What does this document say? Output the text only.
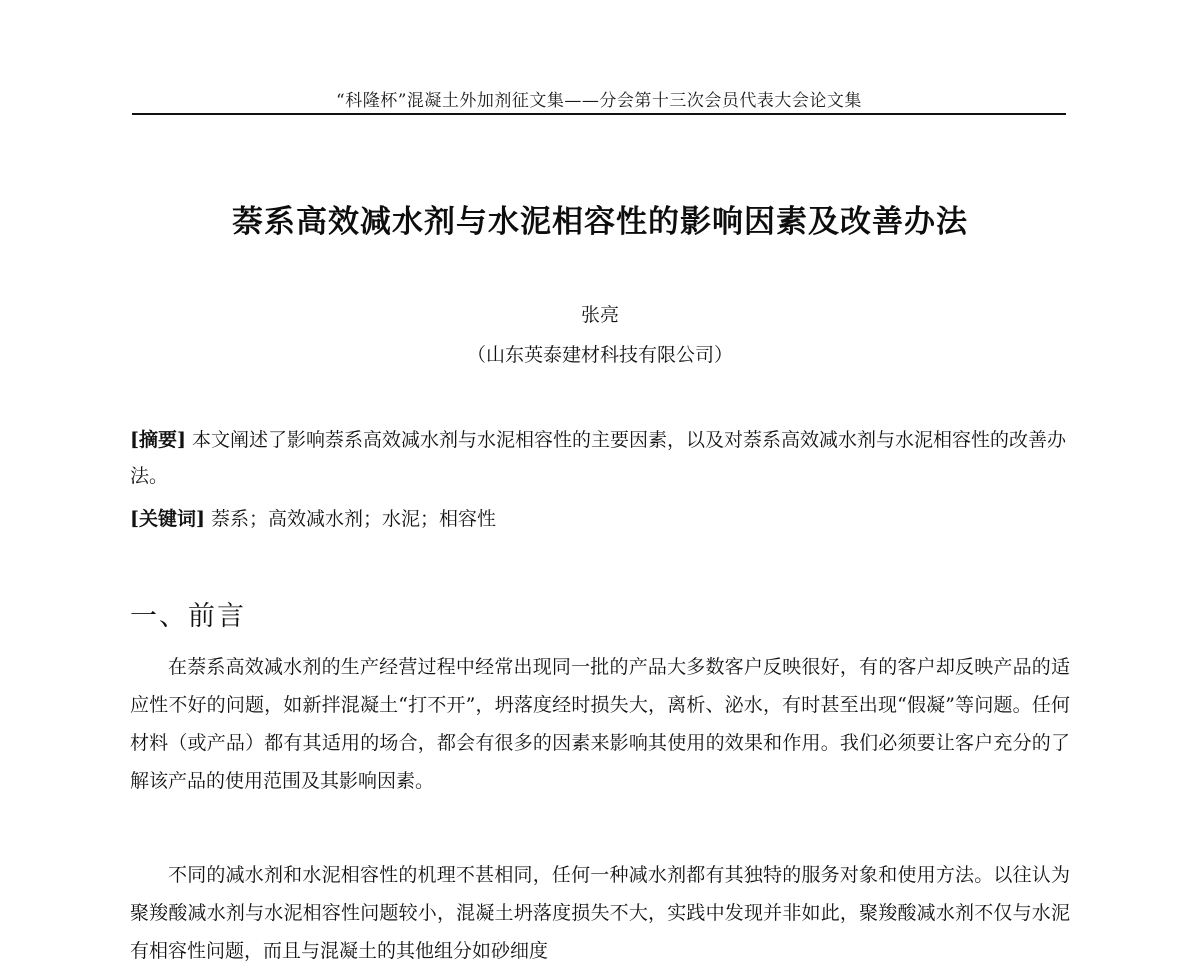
“科隆杯”混凝土外加剂征文集——分会第十三次会员代表大会论文集
萘系高效减水剂与水泥相容性的影响因素及改善办法
张亮
（山东英泰建材科技有限公司）

[摘要] 本文阐述了影响萘系高效减水剂与水泥相容性的主要因素，以及对萘系高效减水剂与水泥相容性的改善办法。

[关键词] 萘系；高效减水剂；水泥；相容性

一、前言

在萘系高效减水剂的生产经营过程中经常出现同一批的产品大多数客户反映很好，有的客户却反映产品的适应性不好的问题，如新拌混凝土“打不开”，坍落度经时损失大，离析、泌水，有时甚至出现“假凝”等问题。任何材料（或产品）都有其适用的场合，都会有很多的因素来影响其使用的效果和作用。我们必须要让客户充分的了解该产品的使用范围及其影响因素。

不同的减水剂和水泥相容性的机理不甚相同，任何一种减水剂都有其独特的服务对象和使用方法。以往认为聚羧酸减水剂与水泥相容性问题较小，混凝土坍落度损失不大，实践中发现并非如此，聚羧酸减水剂不仅与水泥有相容性问题，而且与混凝土的其他组分如砂细度
